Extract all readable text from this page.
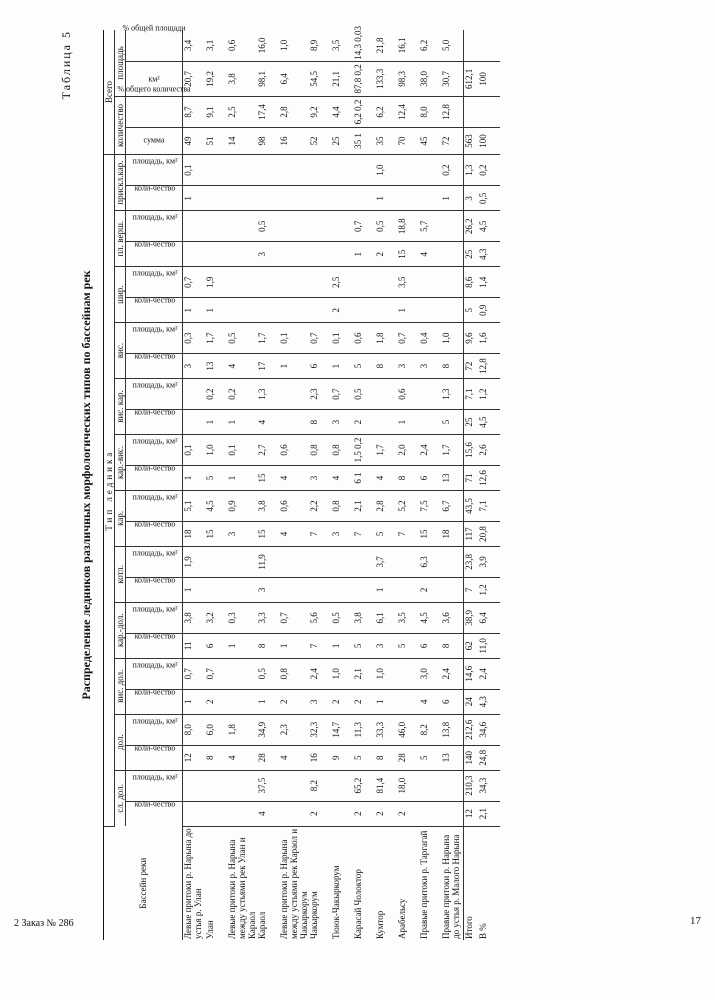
Таблица 5
Распределение ледников различных морфологических типов по бассейнам рек
Бассейн реки	Тип ледника																								Всего			
	сл. дол.		дол.		вис. дол.		кар.-дол.		котл.		кар.		кар.-вис.		вис. кар.		вис.		шир.		пл. верш.		прискл.кар.		количество		площадь	

	коли-чество	площадь, км²	коли-чество	площадь, км²	коли-чество	площадь, км²	коли-чество	площадь, км²	коли-чество	площадь, км²	коли-чество	площадь, км²	коли-чество	площадь, км²	коли-чество	площадь, км²	коли-чество	площадь, км²	коли-чество	площадь, км²	коли-чество	площадь, км²	коли-чество	площадь, км²	сумма	% общего количества	км²	% общей площади
Левые притоки р. Нарына до устья р. Улан			12	8,0	1	0,7	11	3,8	1	1,9	18	5,1	1	0,1			3	0,3	1	0,7			1	0,1	49	8,7	20,7	3,4
Улан			8	6,0	2	0,7	6	3,2			15	4,5	5	1,0	1	0,2	13	1,7	1	1,9					51	9,1	19,2	3,1
Левые притоки р. Нарына между устьями рек Улан и Караол			4	1,8			1	0,3			3	0,9	1	0,1	1	0,2	4	0,5							14	2,5	3,8	0,6
Караол	4	37,5	28	34,9	1	0,5	8	3,3	3	11,9	15	3,8	15	2,7	4	1,3	17	1,7			3	0,5			98	17,4	98,1	16,0
Левые притоки р. Нарына между устьями рек Караол и Чакыркорум			4	2,3	2	0,8	1	0,7			4	0,6	4	0,6			1	0,1							16	2,8	6,4	1,0
Чакыркорум	2	8,2	16	32,3	3	2,4	7	5,6			7	2,2	3	0,8	8	2,3	6	0,7							52	9,2	54,5	8,9
Тююк-Чакыркорум			9	14,7	2	1,0	1	0,5			3	0,8	4	0,8	3	0,7	1	0,1	2	2,5					25	4,4	21,1	3,5
Карасай Чолоктор	2	65,2	5	11,3	2	2,1	5	3,8			7	2,1	6 1	1,5 0,2	2	0,5	5	0,6			1	0,7			35 1	6,2 0,2	87,8 0,2	14,3 0,03
Кумтор	2	81,4	8	33,3	1	1,0	3	6,1	1	3,7	5	2,8	4	1,7			8	1,8			2	0,5	1	1,0	35	6,2	133,3	21,8
Арабельсу	2	18,0	28	46,0			5	3,5			7	5,2	8	2,0	1	0,6	3	0,7	1	3,5	15	18,8			70	12,4	98,3	16,1
Правые притоки р. Таргагай			5	8,2	4	3,0	6	4,5	2	6,3	15	7,5	6	2,4			3	0,4			4	5,7			45	8,0	38,0	6,2
Правые притоки р. Нарына до устья р. Малого Нарына			13	13,8	6	2,4	8	3,6			18	6,7	13	1,7	5	1,3	8	1,0					1	0,2	72	12,8	30,7	5,0
Итого	12	210,3	140	212,6	24	14,6	62	38,9	7	23,8	117	43,5	71	15,6	25	7,1	72	9,6	5	8,6	25	26,2	3	1,3	563		612,1	
В %	2,1	34,3	24,8	34,6	4,3	2,4	11,0	6,4	1,2	3,9	20,8	7,1	12,6	2,6	4,5	1,2	12,8	1,6	0,9	1,4	4,3	4,5	0,5	0,2	100		100	
2 Заказ № 286	17
